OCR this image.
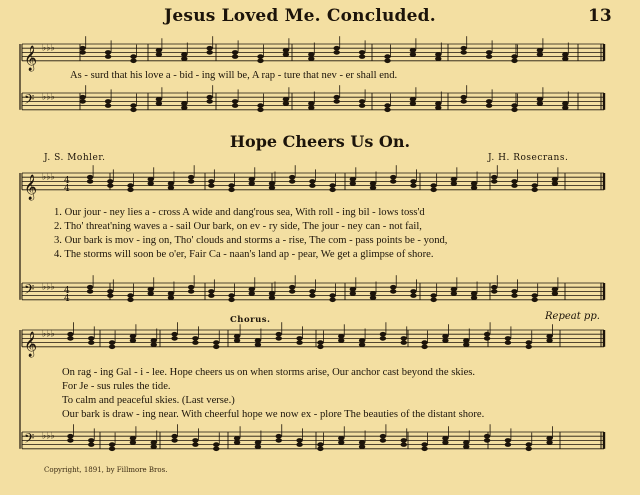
𝄞 ♭♭♭
𝄢 ♭♭♭
𝄞 ♭♭♭
𝄢 ♭♭♭
4
4
4
4
𝄞 ♭♭♭
𝄢 ♭♭♭
Jesus Loved Me. Concluded.	13
As - surd that his love a - bid - ing will be, A rap - ture that nev - er shall end.
Hope Cheers Us On.
J. S. Mohler.	J. H. Rosecrans.
1. Our jour - ney lies a - cross A wide and dang'rous sea, With roll - ing bil - lows toss'd
2. Tho' threat'ning waves a - sail Our bark, on ev - ry side, The jour - ney can - not fail,
3. Our bark is mov - ing on, Tho' clouds and storms a - rise, The com - pass points be - yond,
4. The storms will soon be o'er, Fair Ca - naan's land ap - pear, We get a glimpse of shore.
Chorus.	Repeat pp.
On rag - ing Gal - i - lee. Hope cheers us on when storms arise, Our anchor cast beyond the skies.
For Je - sus rules the tide.
To calm and peaceful skies. (Last verse.)
Our bark is draw - ing near. With cheerful hope we now ex - plore The beauties of the distant shore.
Copyright, 1891, by Fillmore Bros.
